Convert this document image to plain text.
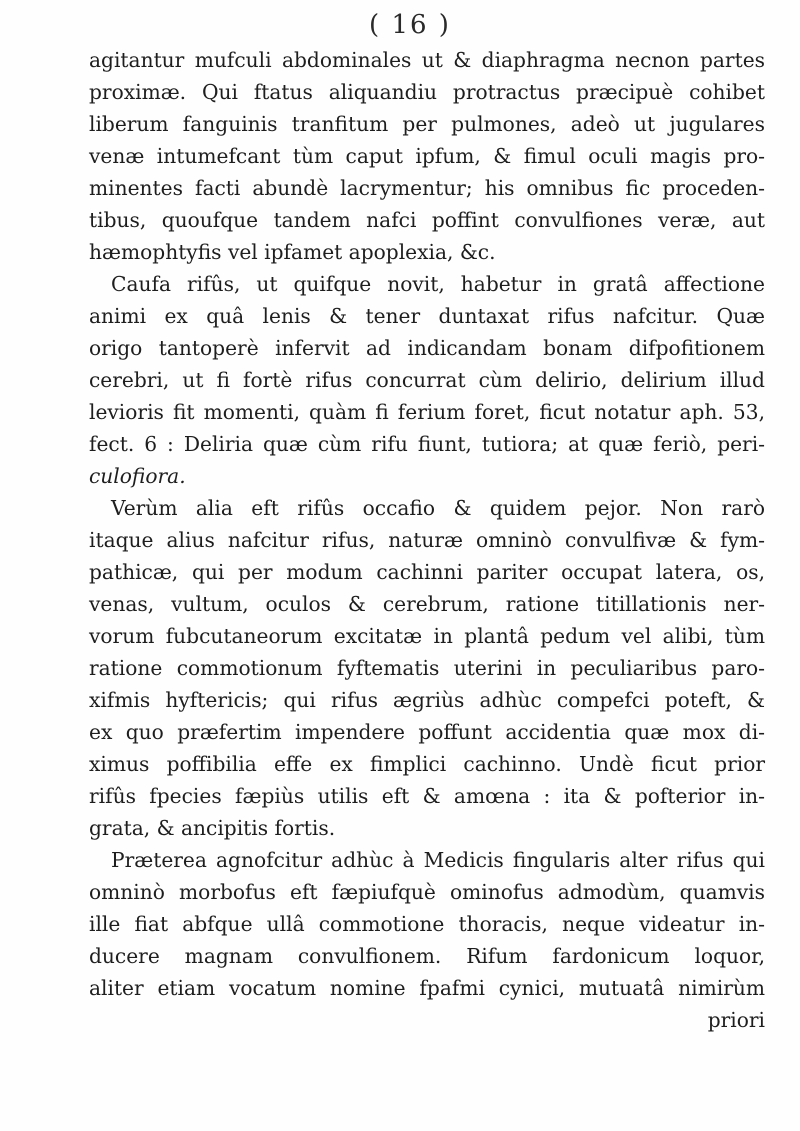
( 16 )
agitantur mufculi abdominales ut & diaphragma necnon partes
proximæ. Qui ftatus aliquandiu protractus præcipuè cohibet
liberum fanguinis tranfitum per pulmones, adeò ut jugulares
venæ intumefcant tùm caput ipfum, & fimul oculi magis pro-
minentes facti abundè lacrymentur; his omnibus fic proceden-
tibus, quoufque tandem nafci poffint convulfiones veræ, aut
hæmophtyfis vel ipfamet apoplexia, &c.
Caufa rifûs, ut quifque novit, habetur in gratâ affectione
animi ex quâ lenis & tener duntaxat rifus nafcitur. Quæ
origo tantoperè infervit ad indicandam bonam difpofitionem
cerebri, ut fi fortè rifus concurrat cùm delirio, delirium illud
levioris fit momenti, quàm fi ferium foret, ficut notatur aph. 53,
fect. 6 : Deliria quæ cùm rifu fiunt, tutiora; at quæ feriò, peri-
culofiora.
Verùm alia eft rifûs occafio & quidem pejor. Non rarò
itaque alius nafcitur rifus, naturæ omninò convulfivæ & fym-
pathicæ, qui per modum cachinni pariter occupat latera, os,
venas, vultum, oculos & cerebrum, ratione titillationis ner-
vorum fubcutaneorum excitatæ in plantâ pedum vel alibi, tùm
ratione commotionum fyftematis uterini in peculiaribus paro-
xifmis hyftericis; qui rifus ægriùs adhùc compefci poteft, &
ex quo præfertim impendere poffunt accidentia quæ mox di-
ximus poffibilia effe ex fimplici cachinno. Undè ficut prior
rifûs fpecies fæpiùs utilis eft & amœna : ita & pofterior in-
grata, & ancipitis fortis.
Præterea agnofcitur adhùc à Medicis fingularis alter rifus qui
omninò morbofus eft fæpiufquè ominofus admodùm, quamvis
ille fiat abfque ullâ commotione thoracis, neque videatur in-
ducere magnam convulfionem. Rifum fardonicum loquor,
aliter etiam vocatum nomine fpafmi cynici, mutuatâ nimirùm
priori
